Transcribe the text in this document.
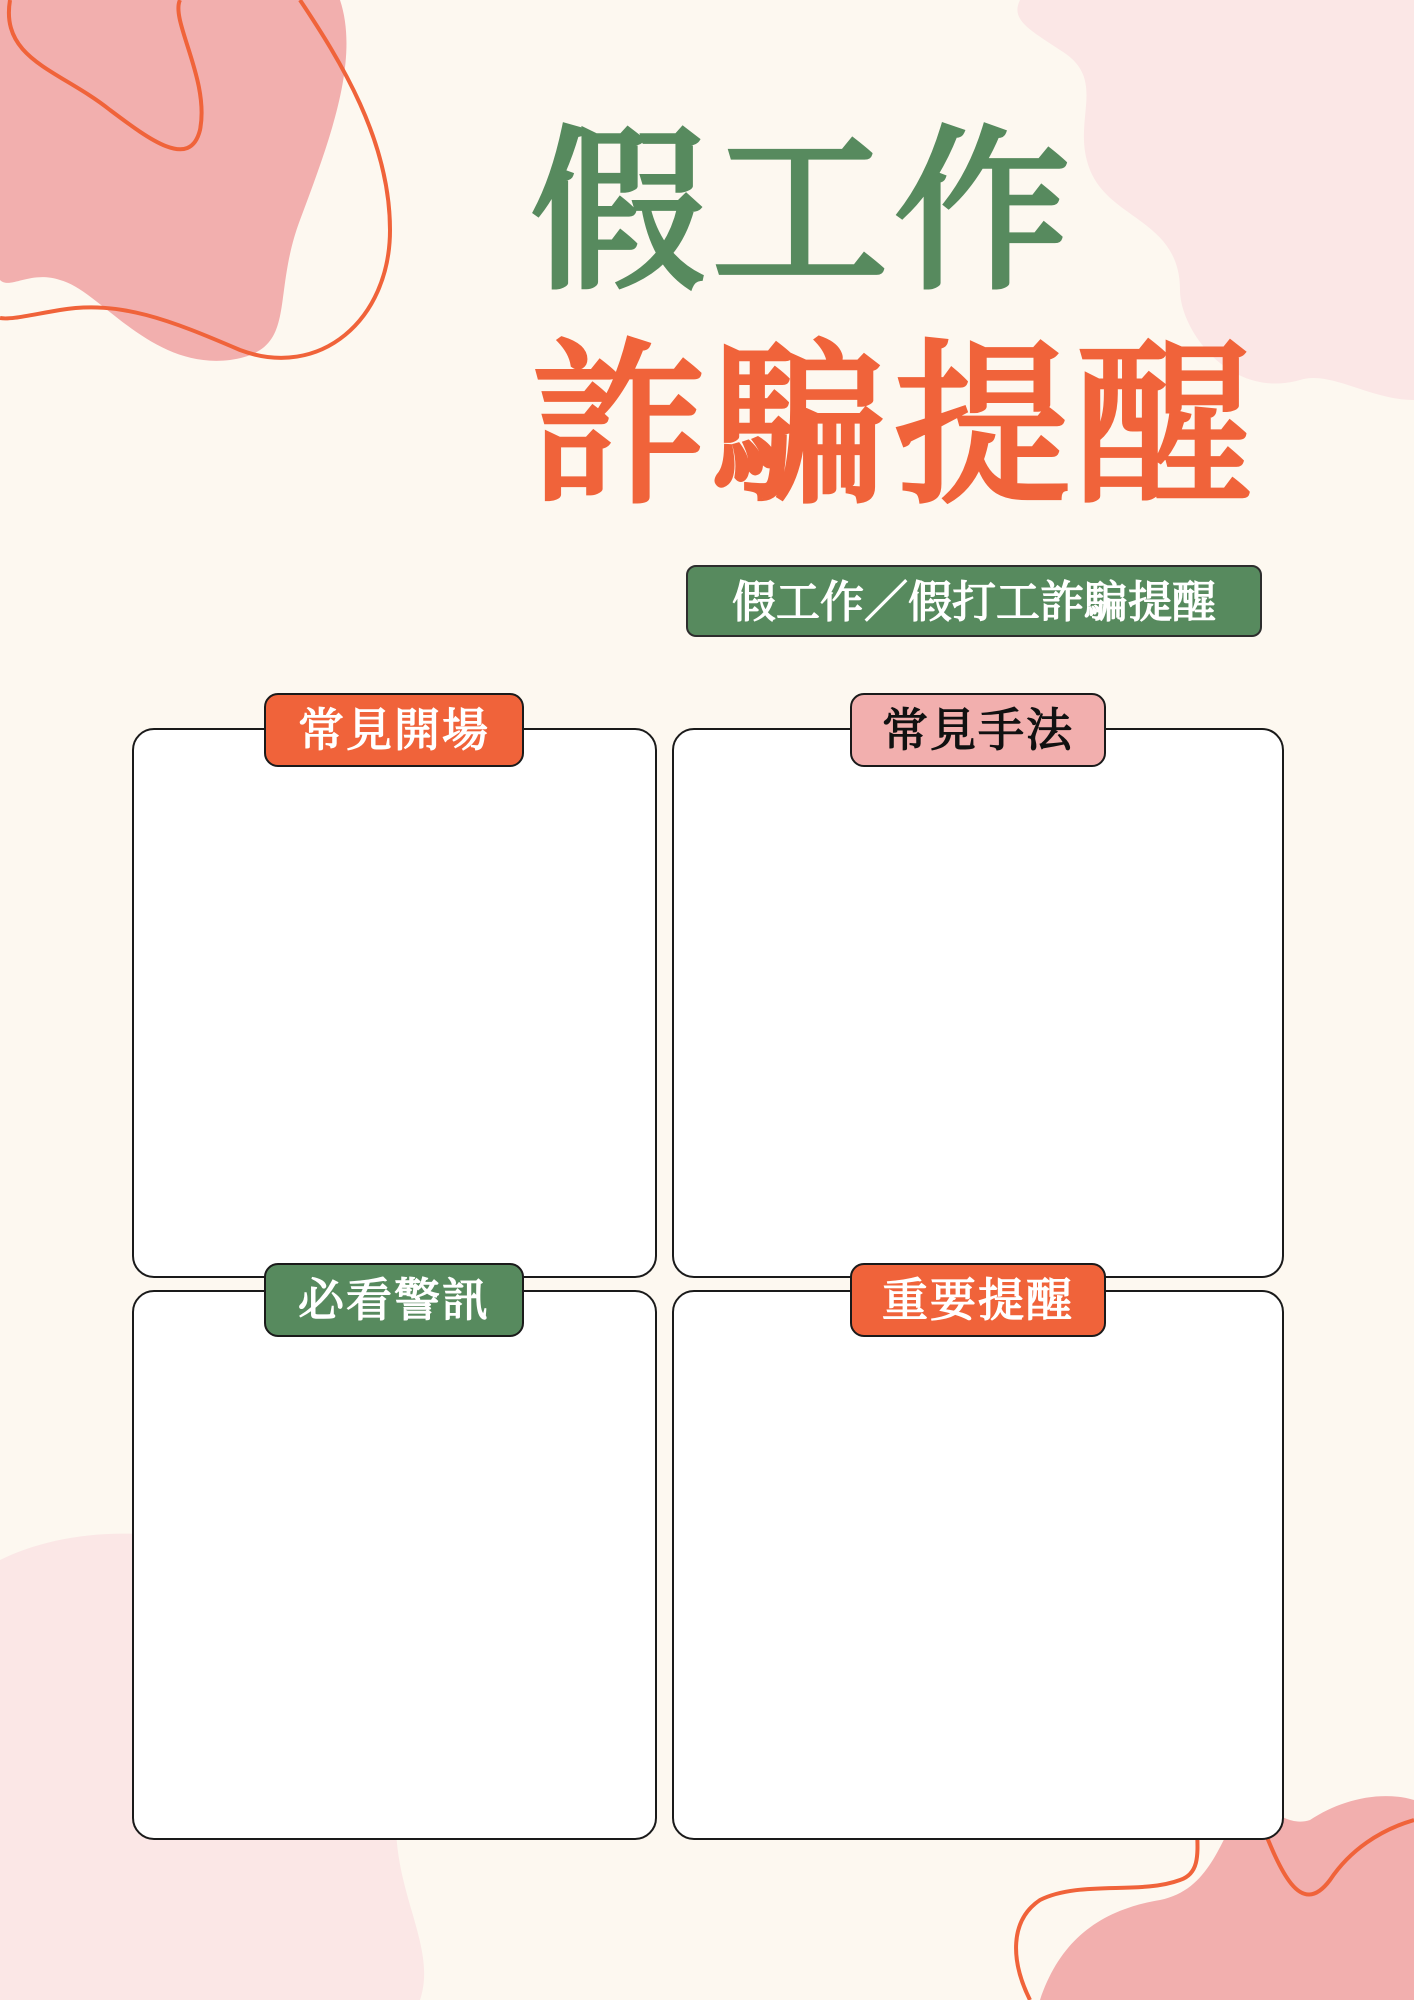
假工作
詐騙提醒
假工作／假打工詐騙提醒
常見開場	常見手法
必看警訊	重要提醒
